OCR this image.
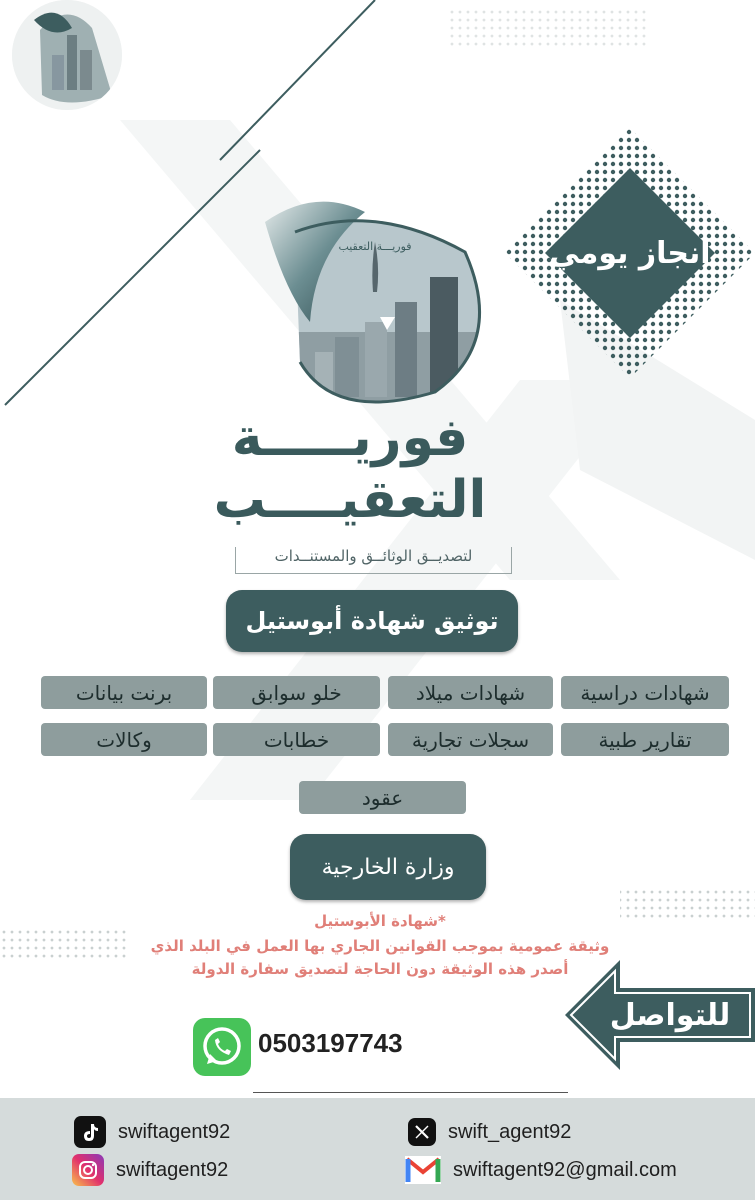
انجاز يومي
فوريـــة التعقيب
فوريـــــة
التعقيــــب
لتصديــق الوثائــق والمستنــدات
توثيق شهادة أبوستيل
شهادات دراسية
شهادات ميلاد
خلو سوابق
برنت بيانات
تقارير طبية
سجلات تجارية
خطابات
وكالات
عقود
وزارة الخارجية
*شهادة الأبوستيل
وثيقة عمومية بموجب القوانين الجاري بها العمل في البلد الذي
أصدر هذه الوثيقة دون الحاجة لتصديق سفارة الدولة
للتواصل
0503197743
swiftagent92
swiftagent92
swift_agent92
swiftagent92@gmail.com
